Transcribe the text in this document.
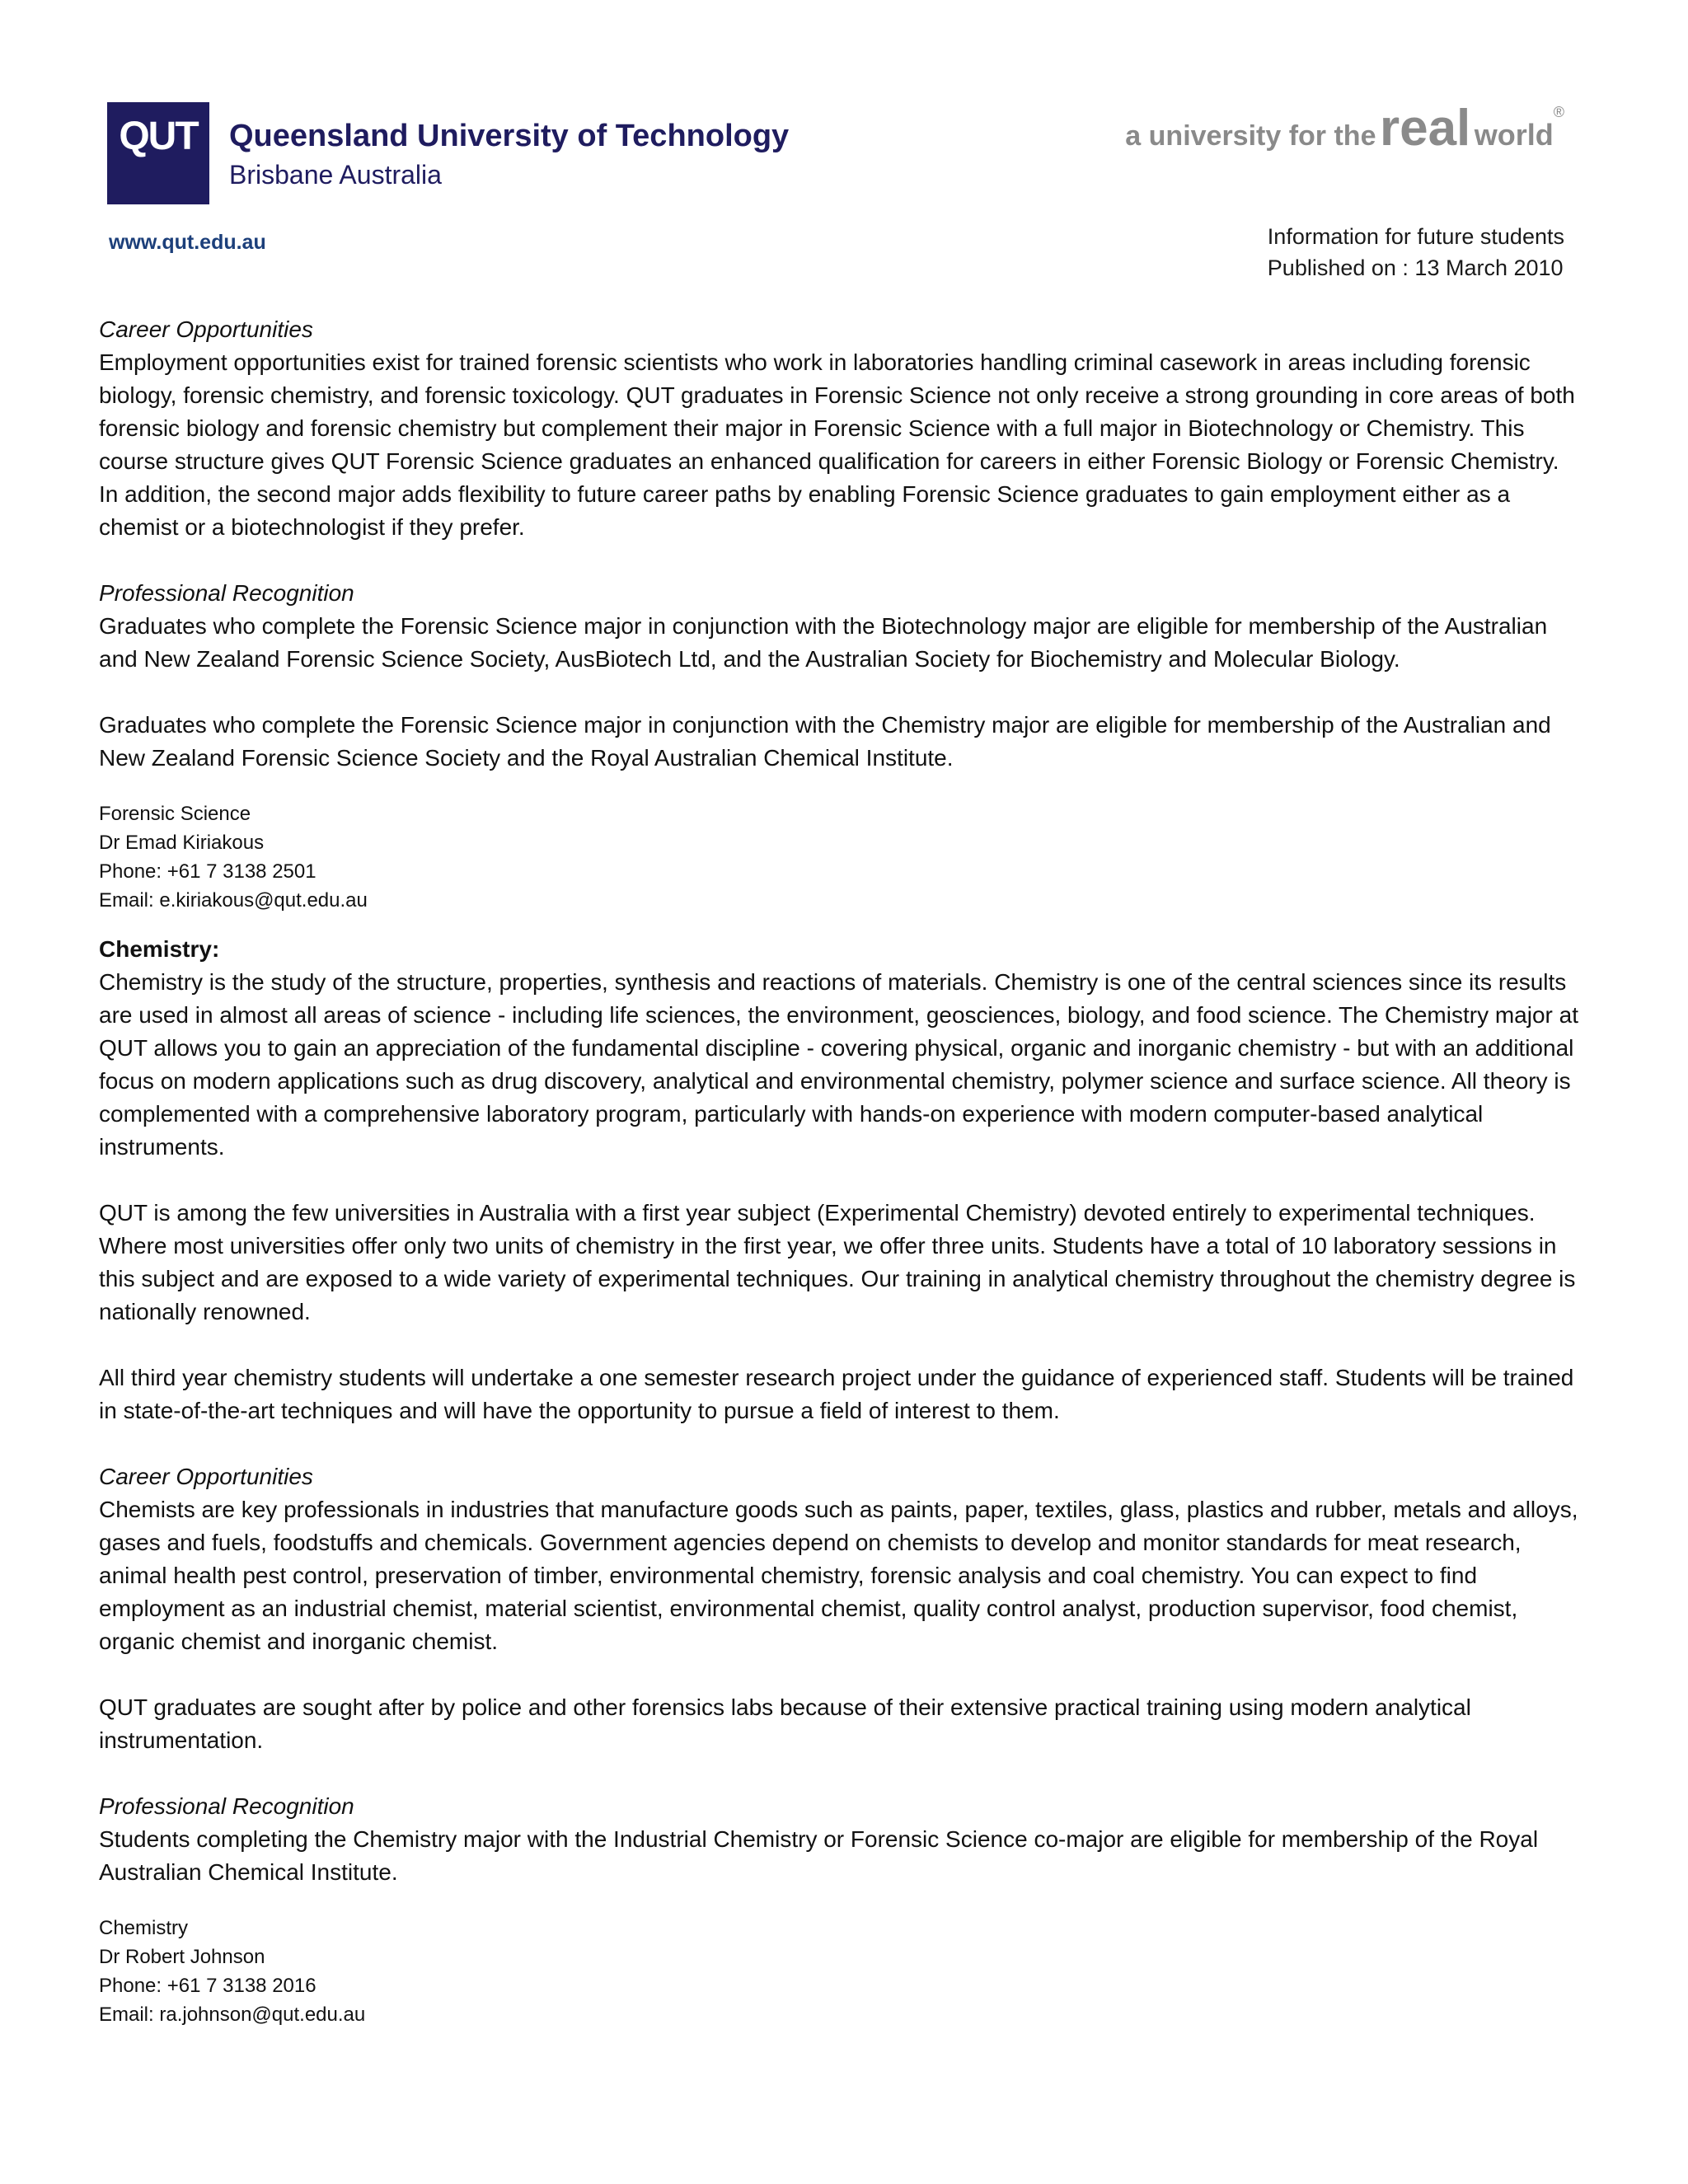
QUT Queensland University of Technology
Brisbane Australia
www.qut.edu.au
a university for the real world®
Information for future students
Published on : 13 March 2010

Career Opportunities

Employment opportunities exist for trained forensic scientists who work in laboratories handling criminal casework in areas including forensic biology, forensic chemistry, and forensic toxicology. QUT graduates in Forensic Science not only receive a strong grounding in core areas of both forensic biology and forensic chemistry but complement their major in Forensic Science with a full major in Biotechnology or Chemistry. This course structure gives QUT Forensic Science graduates an enhanced qualification for careers in either Forensic Biology or Forensic Chemistry. In addition, the second major adds flexibility to future career paths by enabling Forensic Science graduates to gain employment either as a chemist or a biotechnologist if they prefer.

Professional Recognition

Graduates who complete the Forensic Science major in conjunction with the Biotechnology major are eligible for membership of the Australian and New Zealand Forensic Science Society, AusBiotech Ltd, and the Australian Society for Biochemistry and Molecular Biology.

Graduates who complete the Forensic Science major in conjunction with the Chemistry major are eligible for membership of the Australian and New Zealand Forensic Science Society and the Royal Australian Chemical Institute.

Forensic Science

Dr Emad Kiriakous

Phone: +61 7 3138 2501

Email: e.kiriakous@qut.edu.au

Chemistry:

Chemistry is the study of the structure, properties, synthesis and reactions of materials. Chemistry is one of the central sciences since its results are used in almost all areas of science - including life sciences, the environment, geosciences, biology, and food science. The Chemistry major at QUT allows you to gain an appreciation of the fundamental discipline - covering physical, organic and inorganic chemistry - but with an additional focus on modern applications such as drug discovery, analytical and environmental chemistry, polymer science and surface science. All theory is complemented with a comprehensive laboratory program, particularly with hands-on experience with modern computer-based analytical instruments.

QUT is among the few universities in Australia with a first year subject (Experimental Chemistry) devoted entirely to experimental techniques. Where most universities offer only two units of chemistry in the first year, we offer three units. Students have a total of 10 laboratory sessions in this subject and are exposed to a wide variety of experimental techniques. Our training in analytical chemistry throughout the chemistry degree is nationally renowned.

All third year chemistry students will undertake a one semester research project under the guidance of experienced staff. Students will be trained in state-of-the-art techniques and will have the opportunity to pursue a field of interest to them.

Career Opportunities

Chemists are key professionals in industries that manufacture goods such as paints, paper, textiles, glass, plastics and rubber, metals and alloys, gases and fuels, foodstuffs and chemicals. Government agencies depend on chemists to develop and monitor standards for meat research, animal health pest control, preservation of timber, environmental chemistry, forensic analysis and coal chemistry. You can expect to find employment as an industrial chemist, material scientist, environmental chemist, quality control analyst, production supervisor, food chemist, organic chemist and inorganic chemist.

QUT graduates are sought after by police and other forensics labs because of their extensive practical training using modern analytical instrumentation.

Professional Recognition

Students completing the Chemistry major with the Industrial Chemistry or Forensic Science co-major are eligible for membership of the Royal Australian Chemical Institute.

Chemistry

Dr Robert Johnson

Phone: +61 7 3138 2016

Email: ra.johnson@qut.edu.au
